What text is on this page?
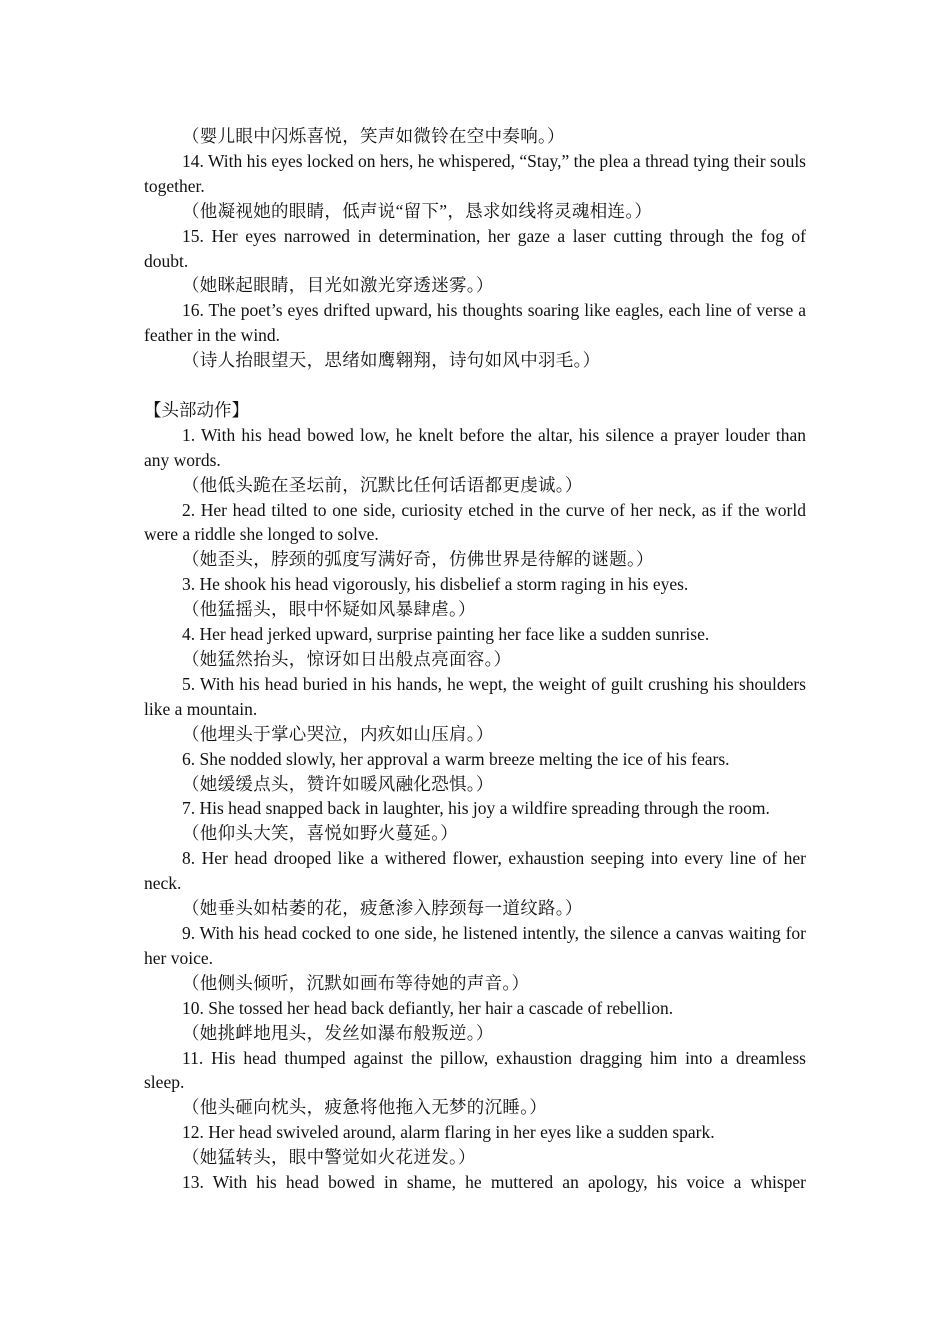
（婴儿眼中闪烁喜悦，笑声如微铃在空中奏响。）

14. With his eyes locked on hers, he whispered, “Stay,” the plea a thread tying their souls together.

（他凝视她的眼睛，低声说“留下”，恳求如线将灵魂相连。）

15. Her eyes narrowed in determination, her gaze a laser cutting through the fog of doubt.

（她眯起眼睛，目光如激光穿透迷雾。）

16. The poet’s eyes drifted upward, his thoughts soaring like eagles, each line of verse a feather in the wind.

（诗人抬眼望天，思绪如鹰翱翔，诗句如风中羽毛。）

【头部动作】

1. With his head bowed low, he knelt before the altar, his silence a prayer louder than any words.

（他低头跪在圣坛前，沉默比任何话语都更虔诚。）

2. Her head tilted to one side, curiosity etched in the curve of her neck, as if the world were a riddle she longed to solve.

（她歪头，脖颈的弧度写满好奇，仿佛世界是待解的谜题。）

3. He shook his head vigorously, his disbelief a storm raging in his eyes.

（他猛摇头，眼中怀疑如风暴肆虐。）

4. Her head jerked upward, surprise painting her face like a sudden sunrise.

（她猛然抬头，惊讶如日出般点亮面容。）

5. With his head buried in his hands, he wept, the weight of guilt crushing his shoulders like a mountain.

（他埋头于掌心哭泣，内疚如山压肩。）

6. She nodded slowly, her approval a warm breeze melting the ice of his fears.

（她缓缓点头，赞许如暖风融化恐惧。）

7. His head snapped back in laughter, his joy a wildfire spreading through the room.

（他仰头大笑，喜悦如野火蔓延。）

8. Her head drooped like a withered flower, exhaustion seeping into every line of her neck.

（她垂头如枯萎的花，疲惫渗入脖颈每一道纹路。）

9. With his head cocked to one side, he listened intently, the silence a canvas waiting for her voice.

（他侧头倾听，沉默如画布等待她的声音。）

10. She tossed her head back defiantly, her hair a cascade of rebellion.

（她挑衅地甩头，发丝如瀑布般叛逆。）

11. His head thumped against the pillow, exhaustion dragging him into a dreamless sleep.

（他头砸向枕头，疲惫将他拖入无梦的沉睡。）

12. Her head swiveled around, alarm flaring in her eyes like a sudden spark.

（她猛转头，眼中警觉如火花迸发。）

13. With his head bowed in shame, he muttered an apology, his voice a whisper
